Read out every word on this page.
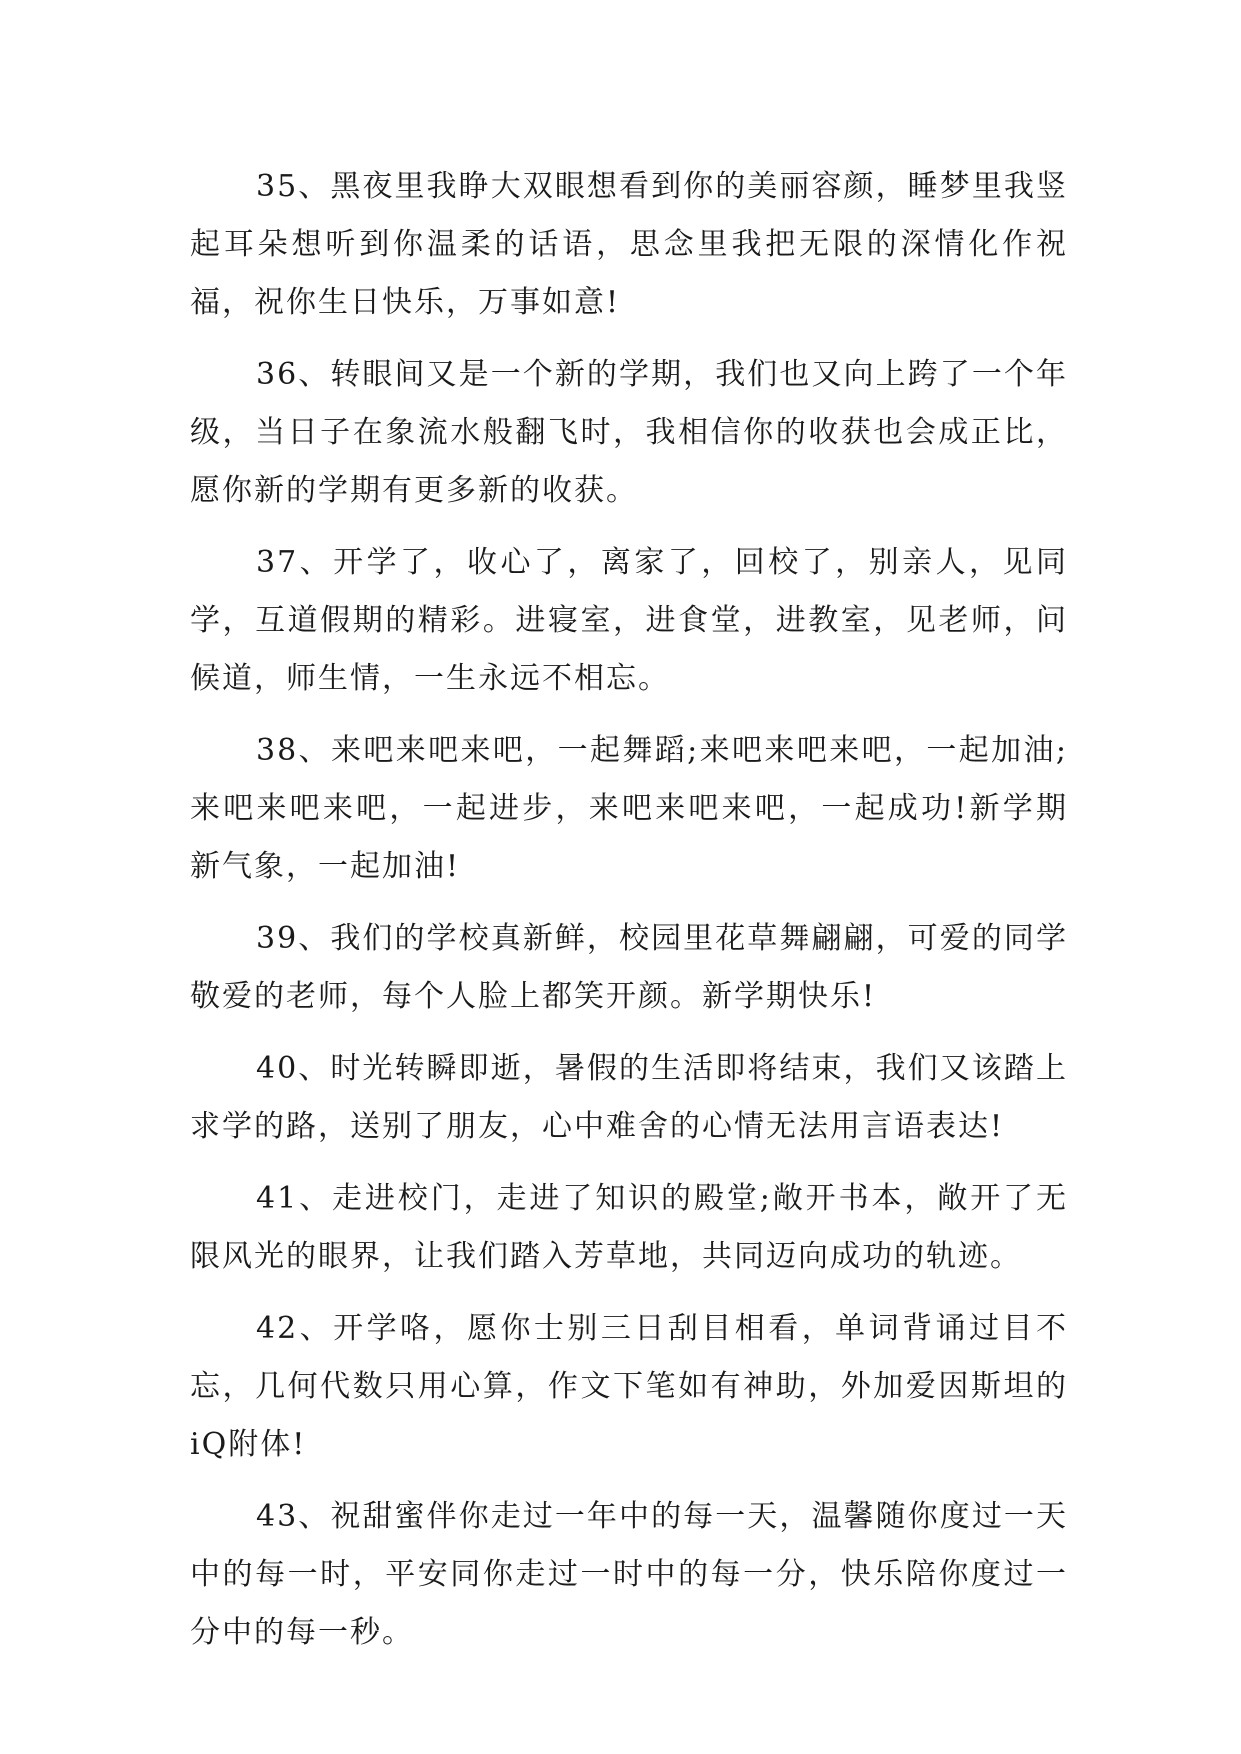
35、黑夜里我睁大双眼想看到你的美丽容颜，睡梦里我竖起耳朵想听到你温柔的话语，思念里我把无限的深情化作祝福，祝你生日快乐，万事如意!

36、转眼间又是一个新的学期，我们也又向上跨了一个年级，当日子在象流水般翻飞时，我相信你的收获也会成正比，愿你新的学期有更多新的收获。

37、开学了，收心了，离家了，回校了，别亲人，见同学，互道假期的精彩。进寝室，进食堂，进教室，见老师，问候道，师生情，一生永远不相忘。

38、来吧来吧来吧，一起舞蹈;来吧来吧来吧，一起加油;来吧来吧来吧，一起进步，来吧来吧来吧，一起成功!新学期新气象，一起加油!

39、我们的学校真新鲜，校园里花草舞翩翩，可爱的同学敬爱的老师，每个人脸上都笑开颜。新学期快乐!

40、时光转瞬即逝，暑假的生活即将结束，我们又该踏上求学的路，送别了朋友，心中难舍的心情无法用言语表达!

41、走进校门，走进了知识的殿堂;敞开书本，敞开了无限风光的眼界，让我们踏入芳草地，共同迈向成功的轨迹。

42、开学咯，愿你士别三日刮目相看，单词背诵过目不忘，几何代数只用心算，作文下笔如有神助，外加爱因斯坦的iQ附体!

43、祝甜蜜伴你走过一年中的每一天，温馨随你度过一天中的每一时，平安同你走过一时中的每一分，快乐陪你度过一分中的每一秒。
